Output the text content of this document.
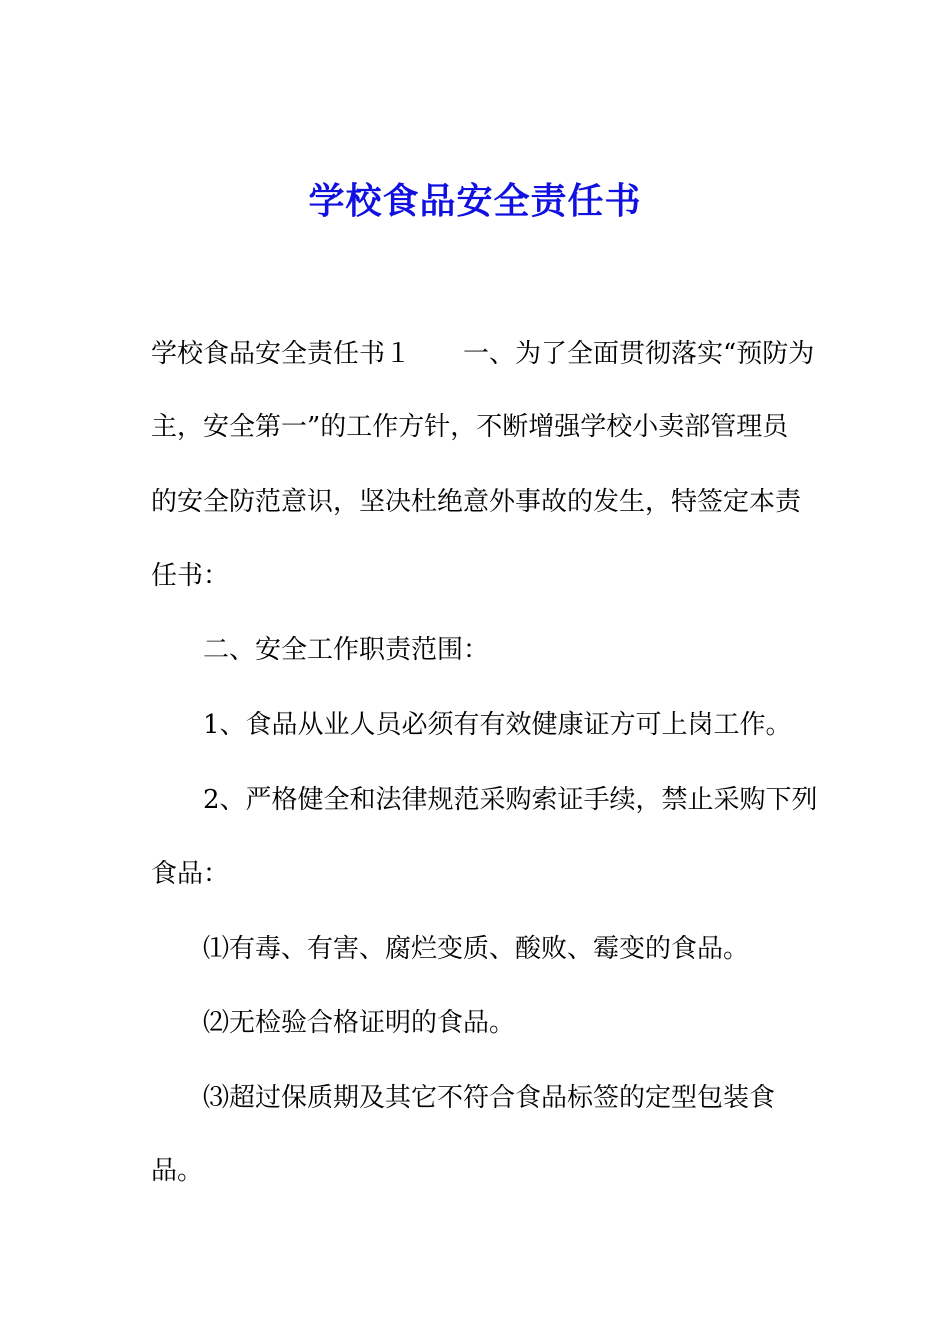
学校食品安全责任书

学校食品安全责任书１　　一、为了全面贯彻落实“预防为

主，安全第一”的工作方针，不断增强学校小卖部管理员

的安全防范意识，坚决杜绝意外事故的发生，特签定本责

任书：

二、安全工作职责范围：

1、食品从业人员必须有有效健康证方可上岗工作。

2、严格健全和法律规范采购索证手续，禁止采购下列

食品：

⑴有毒、有害、腐烂变质、酸败、霉变的食品。

⑵无检验合格证明的食品。

⑶超过保质期及其它不符合食品标签的定型包装食

品。
